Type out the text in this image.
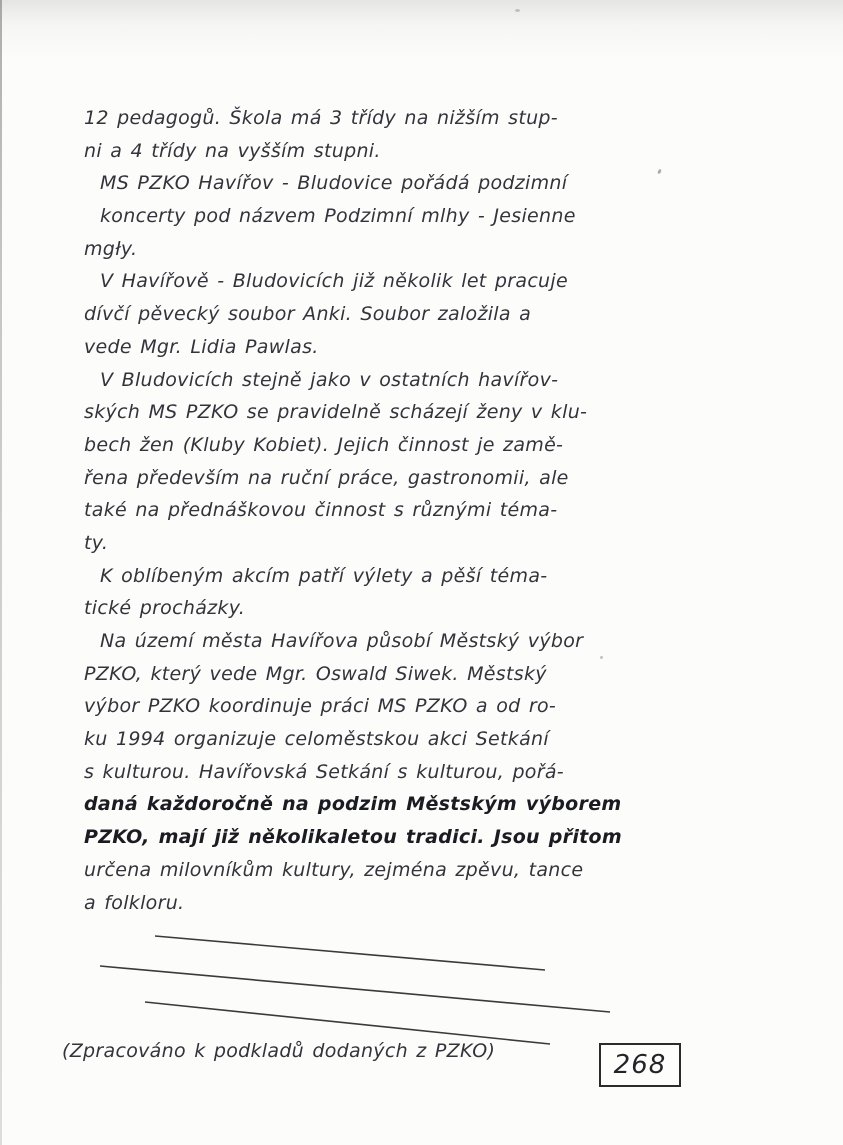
12 pedagogů. Škola má 3 třídy na nižším stup-
ni a 4 třídy na vyšším stupni.
MS PZKO Havířov - Bludovice pořádá podzimní
koncerty pod názvem Podzimní mlhy - Jesienne
mgły.
V Havířově - Bludovicích již několik let pracuje
dívčí pěvecký soubor Anki. Soubor založila a
vede Mgr. Lidia Pawlas.
V Bludovicích stejně jako v ostatních havířov-
ských MS PZKO se pravidelně scházejí ženy v klu-
bech žen (Kluby Kobiet). Jejich činnost je zamě-
řena především na ruční práce, gastronomii, ale
také na přednáškovou činnost s různými téma-
ty.
K oblíbeným akcím patří výlety a pěší téma-
tické procházky.
Na území města Havířova působí Městský výbor
PZKO, který vede Mgr. Oswald Siwek. Městský
výbor PZKO koordinuje práci MS PZKO a od ro-
ku 1994 organizuje celoměstskou akci Setkání
s kulturou. Havířovská Setkání s kulturou, pořá-
daná každoročně na podzim Městským výborem
PZKO, mají již několikaletou tradici. Jsou přitom
určena milovníkům kultury, zejména zpěvu, tance
a folkloru.
(Zpracováno k podkladů dodaných z PZKO)	268
